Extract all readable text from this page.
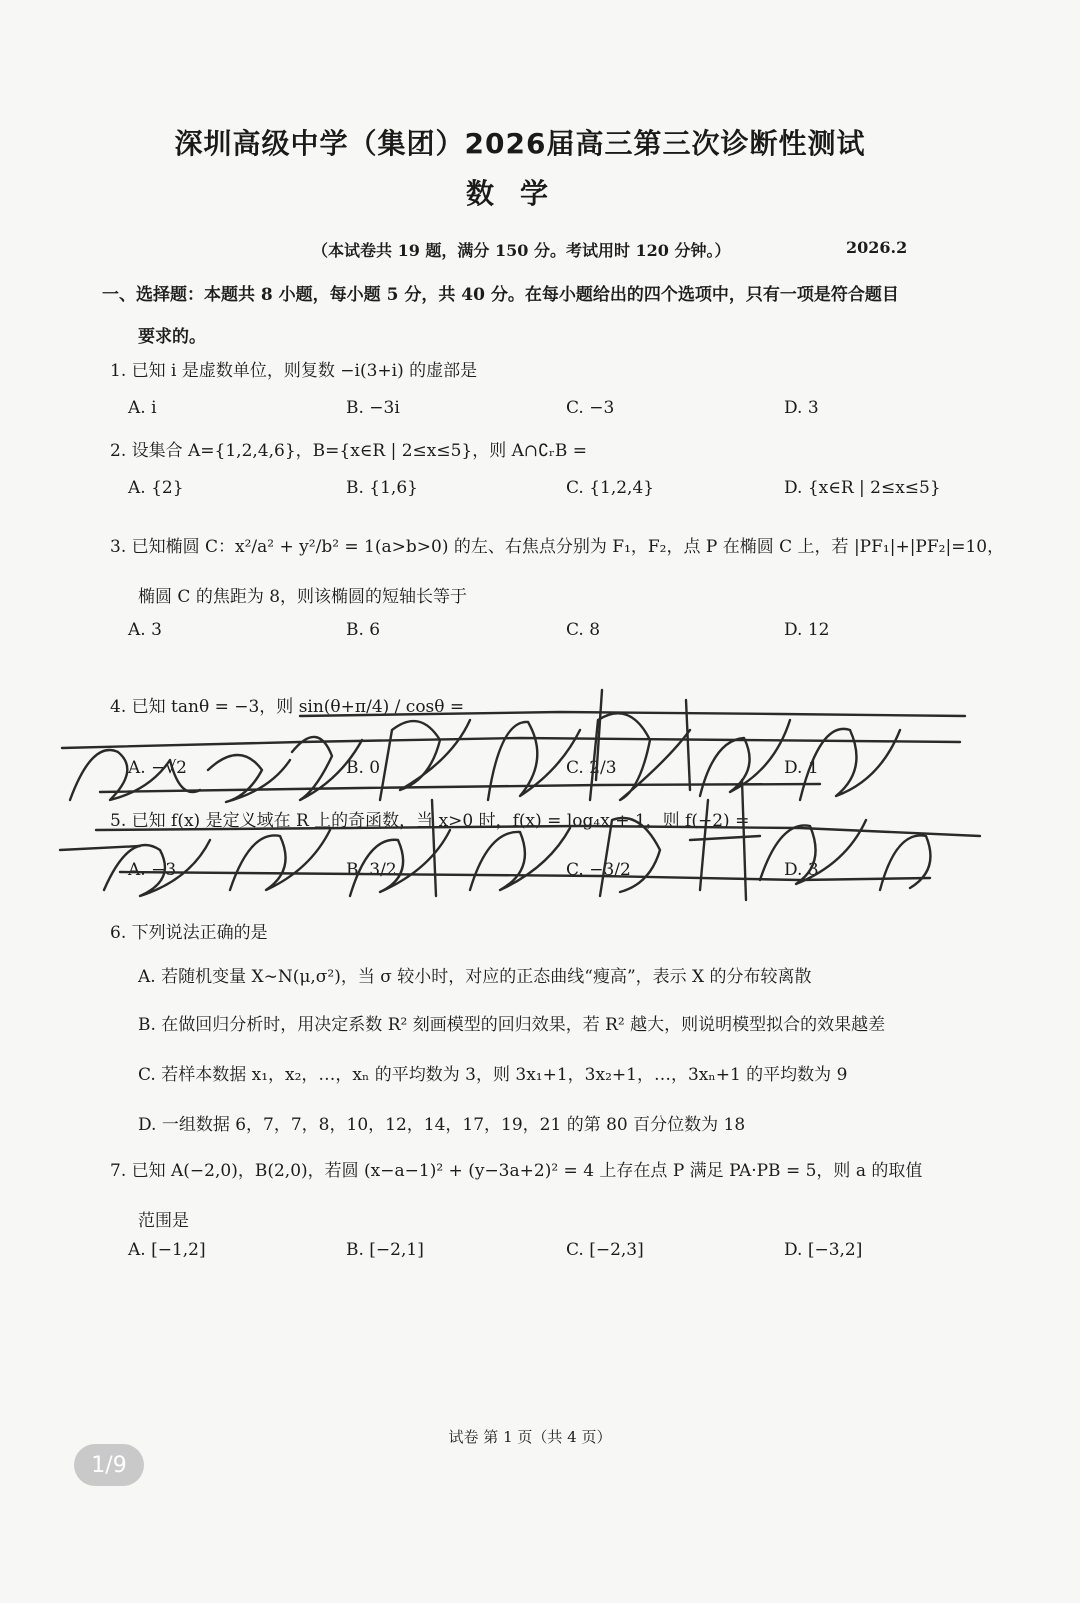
深圳高级中学（集团）2026届高三第三次诊断性测试
数学
（本试卷共 19 题，满分 150 分。考试用时 120 分钟。）	2026.2
一、选择题：本题共 8 小题，每小题 5 分，共 40 分。在每小题给出的四个选项中，只有一项是符合题目
要求的。
1. 已知 i 是虚数单位，则复数 −i(3+i) 的虚部是
A. i	B. −3i	C. −3	D. 3
2. 设集合 A={1,2,4,6}，B={x∈R | 2≤x≤5}，则 A∩∁ᵣB =
A. {2}	B. {1,6}	C. {1,2,4}	D. {x∈R | 2≤x≤5}
3. 已知椭圆 C：x²/a² + y²/b² = 1(a>b>0) 的左、右焦点分别为 F₁，F₂，点 P 在椭圆 C 上，若 |PF₁|+|PF₂|=10，
椭圆 C 的焦距为 8，则该椭圆的短轴长等于
A. 3	B. 6	C. 8	D. 12
4. 已知 tanθ = −3，则 sin(θ+π/4) / cosθ =
A. −√2	B. 0	C. 2/3	D. 1
5. 已知 f(x) 是定义域在 R 上的奇函数，当 x>0 时，f(x) = log₄x + 1，则 f(−2) =
A. −3	B. 3/2	C. −3/2	D. 3
6. 下列说法正确的是
A. 若随机变量 X∼N(μ,σ²)，当 σ 较小时，对应的正态曲线“瘦高”，表示 X 的分布较离散
B. 在做回归分析时，用决定系数 R² 刻画模型的回归效果，若 R² 越大，则说明模型拟合的效果越差
C. 若样本数据 x₁，x₂，…，xₙ 的平均数为 3，则 3x₁+1，3x₂+1，…，3xₙ+1 的平均数为 9
D. 一组数据 6，7，7，8，10，12，14，17，19，21 的第 80 百分位数为 18
7. 已知 A(−2,0)，B(2,0)，若圆 (x−a−1)² + (y−3a+2)² = 4 上存在点 P 满足 PA·PB = 5，则 a 的取值
范围是
A. [−1,2]	B. [−2,1]	C. [−2,3]	D. [−3,2]
试卷 第 1 页（共 4 页）
1/9
